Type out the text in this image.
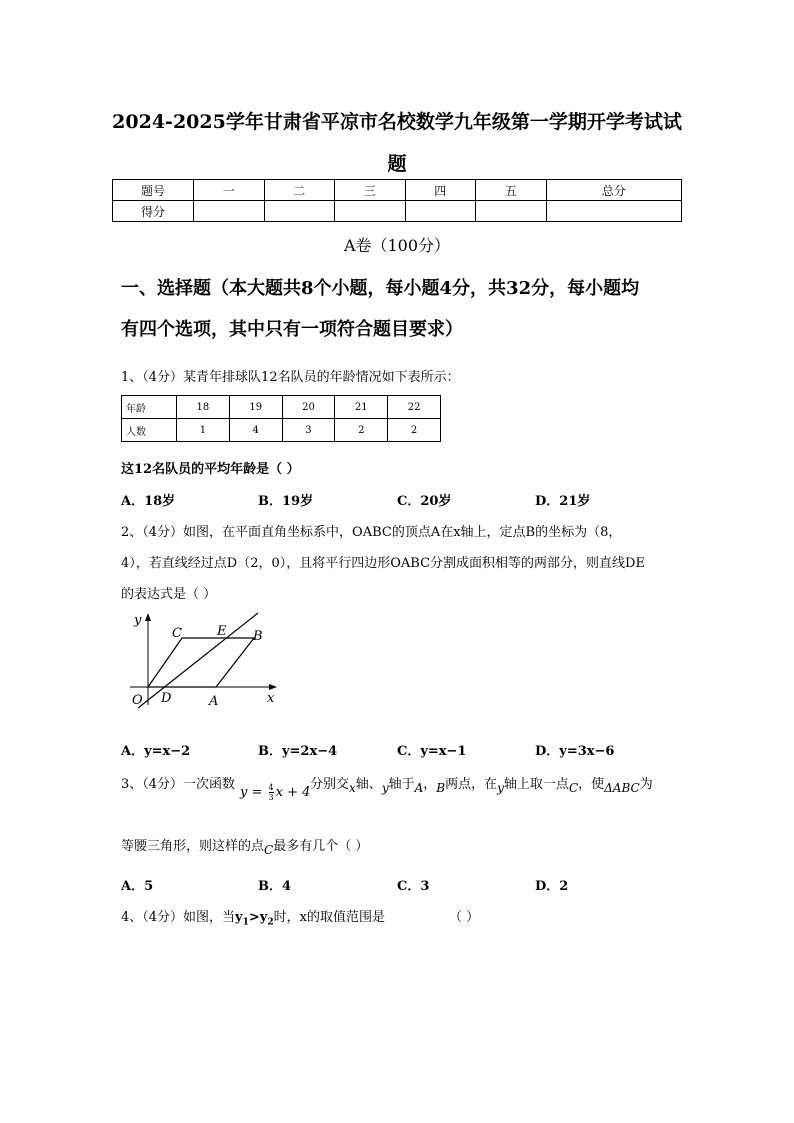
2024-2025学年甘肃省平凉市名校数学九年级第一学期开学考试试
题
题号	一	二	三	四	五	总分
得分						
A卷（100分）
一、选择题（本大题共8个小题，每小题4分，共32分，每小题均
有四个选项，其中只有一项符合题目要求）
1、（4分）某青年排球队12名队员的年龄情况如下表所示：
年龄	18	19	20	21	22
人数	1	4	3	2	2
这12名队员的平均年龄是（ ）
A．18岁	B．19岁	C．20岁	D．21岁
2、（4分）如图，在平面直角坐标系中，OABC的顶点A在x轴上，定点B的坐标为（8，
4），若直线经过点D（2，0），且将平行四边形OABC分割成面积相等的两部分，则直线DE
的表达式是（ ）
y
x
O D	A
C	E B
A．y=x−2	B．y=2x−4	C．y=x−1	D．y=3x−6
3、（4分）一次函数
$y = \frac{4}{3}$ x + 4
分别交x轴、y轴于A，B两点，在y轴上取一点C，使ΔABC为
等腰三角形，则这样的点C最多有几个（ ）
A．5	B．4	C．3	D．2
4、（4分）如图，当$y_1>y_2$时，x的取值范围是	（ ）
